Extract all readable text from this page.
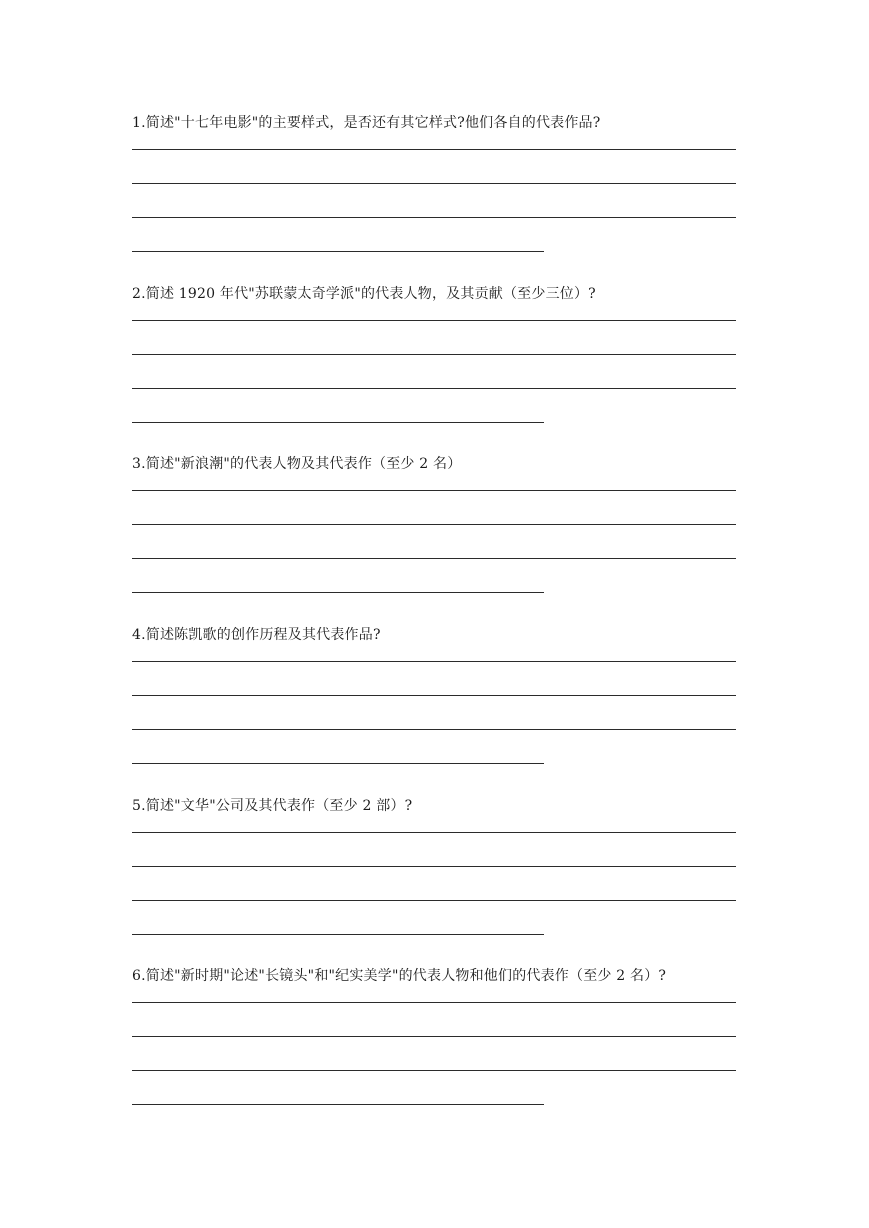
1.简述"十七年电影"的主要样式，是否还有其它样式?他们各自的代表作品?
2.简述 1920 年代"苏联蒙太奇学派"的代表人物，及其贡献（至少三位）?
3.简述"新浪潮"的代表人物及其代表作（至少 2 名）
4.简述陈凯歌的创作历程及其代表作品?
5.简述"文华"公司及其代表作（至少 2 部）?
6.简述"新时期"论述"长镜头"和"纪实美学"的代表人物和他们的代表作（至少 2 名）?
